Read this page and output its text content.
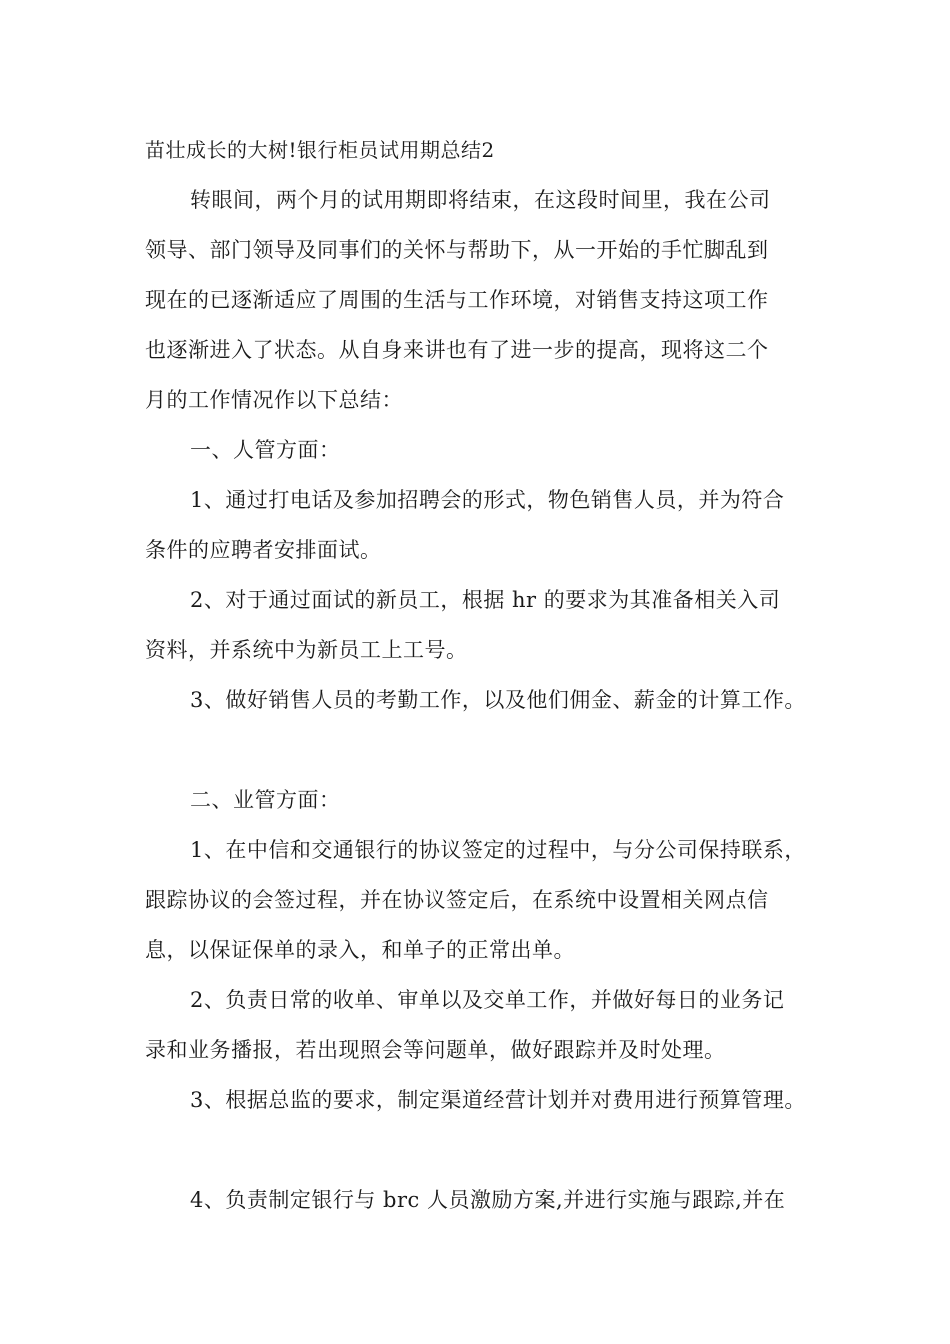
苗壮成长的大树!银行柜员试用期总结2
转眼间，两个月的试用期即将结束，在这段时间里，我在公司
领导、部门领导及同事们的关怀与帮助下，从一开始的手忙脚乱到
现在的已逐渐适应了周围的生活与工作环境，对销售支持这项工作
也逐渐进入了状态。从自身来讲也有了进一步的提高，现将这二个
月的工作情况作以下总结：
一、人管方面：
1、通过打电话及参加招聘会的形式，物色销售人员，并为符合
条件的应聘者安排面试。
2、对于通过面试的新员工，根据 hr 的要求为其准备相关入司
资料，并系统中为新员工上工号。
3、做好销售人员的考勤工作，以及他们佣金、薪金的计算工作。
二、业管方面：
1、在中信和交通银行的协议签定的过程中，与分公司保持联系，
跟踪协议的会签过程，并在协议签定后，在系统中设置相关网点信
息，以保证保单的录入，和单子的正常出单。
2、负责日常的收单、审单以及交单工作，并做好每日的业务记
录和业务播报，若出现照会等问题单，做好跟踪并及时处理。
3、根据总监的要求，制定渠道经营计划并对费用进行预算管理。
4、负责制定银行与 brc 人员激励方案,并进行实施与跟踪,并在
